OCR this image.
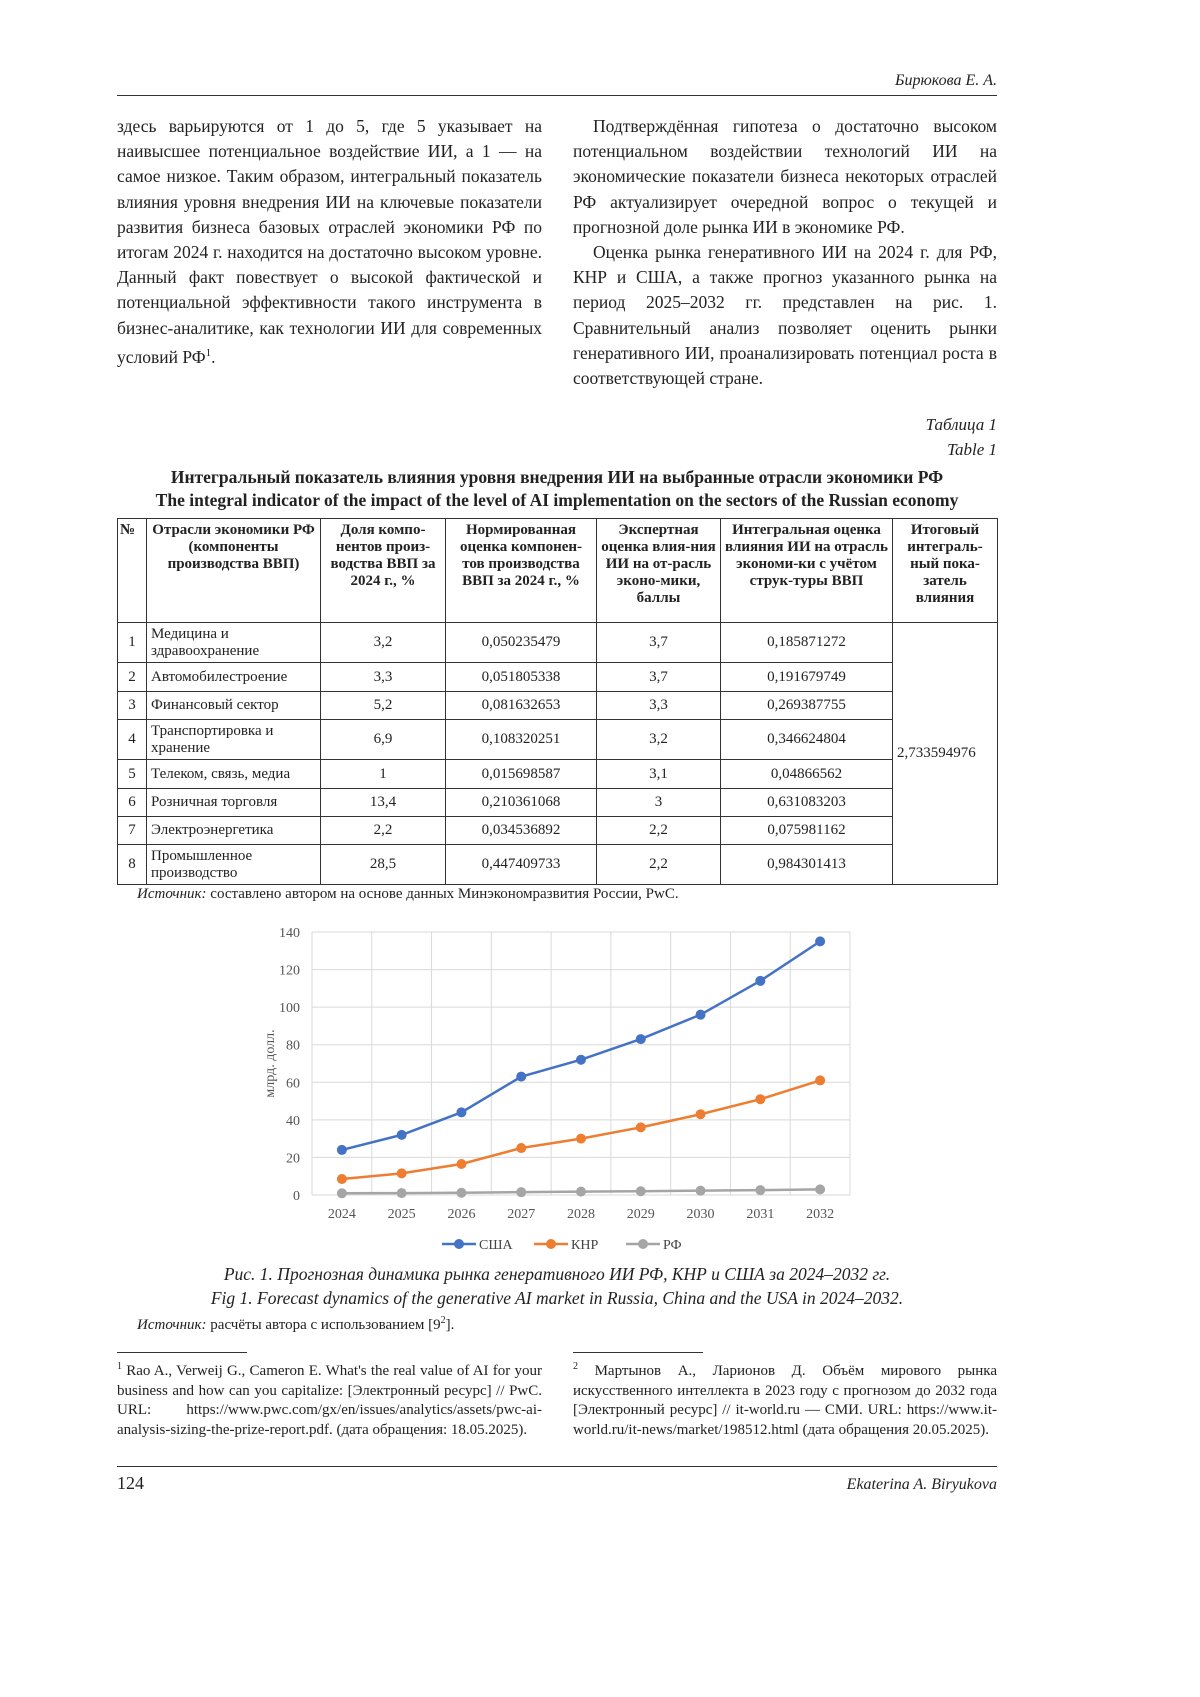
Бирюкова Е. А.

здесь варьируются от 1 до 5, где 5 указывает на наивысшее потенциальное воздействие ИИ, а 1 — на самое низкое. Таким образом, интегральный показатель влияния уровня внедрения ИИ на ключевые показатели развития бизнеса базовых отраслей экономики РФ по итогам 2024 г. находится на достаточно высоком уровне. Данный факт повествует о высокой фактической и потенциальной эффективности такого инструмента в бизнес-аналитике, как технологии ИИ для современных условий $РФ^1$.

Подтверждённая гипотеза о достаточно высоком потенциальном воздействии технологий ИИ на экономические показатели бизнеса некоторых отраслей РФ актуализирует очередной вопрос о текущей и прогнозной доле рынка ИИ в экономике РФ.

Оценка рынка генеративного ИИ на 2024 г. для РФ, КНР и США, а также прогноз указанного рынка на период 2025–2032 гг. представлен на рис. 1. Сравнительный анализ позволяет оценить рынки генеративного ИИ, проанализировать потенциал роста в соответствующей стране.

Таблица 1
Table 1
Интегральный показатель влияния уровня внедрения ИИ на выбранные отрасли экономики РФ
The integral indicator of the impact of the level of AI implementation on the sectors of the Russian economy
№	Отрасли экономики РФ (компоненты производства ВВП)	Доля компо-нентов произ-водства ВВП за 2024 г., %	Нормированная оценка компонен-тов производства ВВП за 2024 г., %	Экспертная оценка влия-ния ИИ на от-расль эконо-мики, баллы	Интегральная оценка влияния ИИ на отрасль экономи-ки с учётом струк-туры ВВП	Итоговый интеграль-ный пока-затель влияния
1	Медицина и здравоохранение	3,2	0,050235479	3,7	0,185871272	2,733594976
2	Автомобилестроение	3,3	0,051805338	3,7	0,191679749	
3	Финансовый сектор	5,2	0,081632653	3,3	0,269387755	
4	Транспортировка и хранение	6,9	0,108320251	3,2	0,346624804	
5	Телеком, связь, медиа	1	0,015698587	3,1	0,04866562	
6	Розничная торговля	13,4	0,210361068	3	0,631083203	
7	Электроэнергетика	2,2	0,034536892	2,2	0,075981162	
8	Промышленное производство	28,5	0,447409733	2,2	0,984301413	
Источник: составлено автором на основе данных Минэкономразвития России, PwC.
0
20
40
60
80
100
120
140
2024 2025 2026 2027 2028 2029 2030 2031 2032
млрд. долл.
США	КНР	РФ
Рис. 1. Прогнозная динамика рынка генеративного ИИ РФ, КНР и США за 2024–2032 гг.
Fig 1. Forecast dynamics of the generative AI market in Russia, China and the USA in 2024–2032.
Источник: расчёты автора с использованием $[9^2]$.
$^1$ Rao A., Verweij G., Cameron E. What's the real value of AI for your business and how can you capitalize: [Электронный ресурс] // PwC. URL: https://www.pwc.com/gx/en/issues/analytics/assets/pwc-ai-analysis-sizing-the-prize-report.pdf. (дата обращения: 18.05.2025).
$^2$ Мартынов А., Ларионов Д. Объём мирового рынка искусственного интеллекта в 2023 году с прогнозом до 2032 года [Электронный ресурс] // it-world.ru — СМИ. URL: https://www.it-world.ru/it-news/market/198512.html (дата обращения 20.05.2025).
124	Ekaterina A. Biryukova
